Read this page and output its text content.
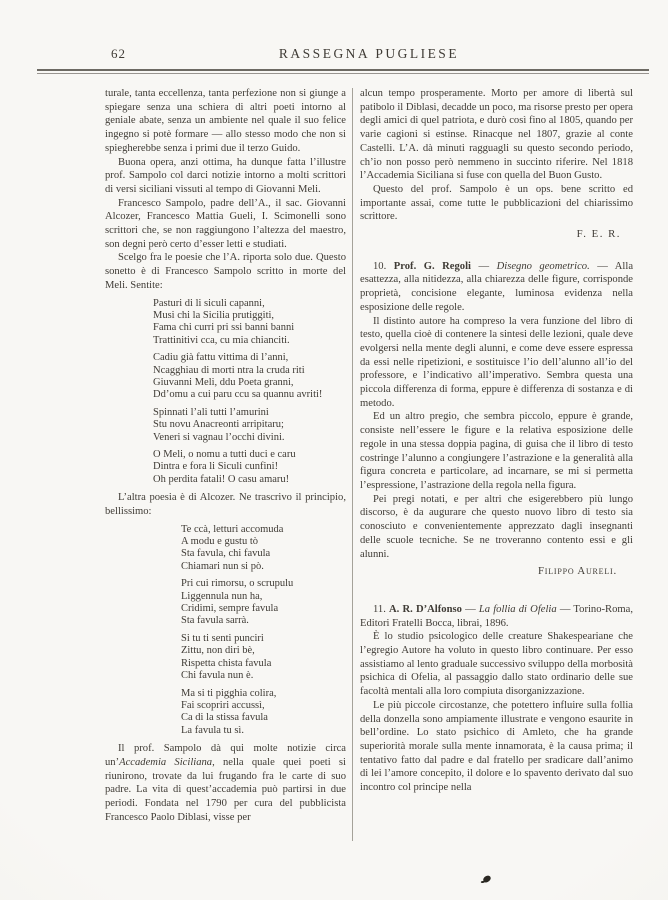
62	RASSEGNA PUGLIESE

turale, tanta eccellenza, tanta perfezione non si giunge a spiegare senza una schiera di altri poeti intorno al geniale abate, senza un ambiente nel quale il suo felice ingegno si potè formare — allo stesso modo che non si spiegherebbe senza i primi due il terzo Guido.

Buona opera, anzi ottima, ha dunque fatta l’illustre prof. Sampolo col darci notizie intorno a molti scrittori di versi siciliani vissuti al tempo di Giovanni Meli.

Francesco Sampolo, padre dell’A., il sac. Giovanni Alcozer, Francesco Mattia Gueli, I. Scimonelli sono scrittori che, se non raggiungono l’altezza del maestro, son degni però certo d’esser letti e studiati.

Scelgo fra le poesie che l’A. riporta solo due. Questo sonetto è di Francesco Sampolo scritto in morte del Meli. Sentite:

Pasturi di li siculi capanni,
Musi chi la Sicilia prutiggiti,
Fama chi curri pri ssi banni banni
Trattinitivi cca, cu mia chianciti.
Cadiu già fattu vittima di l’anni,
Ncagghiau di morti ntra la cruda riti
Giuvanni Meli, ddu Poeta granni,
Dd’omu a cui paru ccu sa quannu avriti!
Spinnati l’ali tutti l’amurini
Stu novu Anacreonti arripitaru;
Veneri si vagnau l’occhi divini.
O Meli, o nomu a tutti duci e caru
Dintra e fora li Siculi cunfini!
Oh perdita fatali! O casu amaru!

L’altra poesia è di Alcozer. Ne trascrivo il principio, bellissimo:

Te ccà, letturi accomuda
A modu e gustu tò
Sta favula, chi favula
Chiamari nun si pò.
Pri cui rimorsu, o scrupulu
Liggennula nun ha,
Cridimi, sempre favula
Sta favula sarrà.
Si tu ti senti punciri
Zittu, non diri bè,
Rispetta chista favula
Chi favula nun è.
Ma si ti pigghia colira,
Fai scopriri accussì,
Ca di la stissa favula
La favula tu sì.

Il prof. Sampolo dà qui molte notizie circa un’Accademia Siciliana, nella quale quei poeti si riunirono, trovate da lui frugando fra le carte di suo padre. La vita di quest’accademia può partirsi in due periodi. Fondata nel 1790 per cura del pubblicista Francesco Paolo Diblasi, visse per

alcun tempo prosperamente. Morto per amore di libertà sul patibolo il Diblasi, decadde un poco, ma risorse presto per opera degli amici di quel patriota, e durò così fino al 1805, quando per varie cagioni si estinse. Rinacque nel 1807, grazie al conte Castelli. L’A. dà minuti ragguagli su questo secondo periodo, ch’io non posso però nemmeno in succinto riferire. Nel 1818 l’Accademia Siciliana si fuse con quella del Buon Gusto.

Questo del prof. Sampolo è un ops. bene scritto ed importante assai, come tutte le pubblicazioni del chiarissimo scrittore.

F. E. R.

10. Prof. G. Regoli — Disegno geometrico. — Alla esattezza, alla nitidezza, alla chiarezza delle figure, corrisponde proprietà, concisione elegante, luminosa evidenza nella esposizione delle regole.

Il distinto autore ha compreso la vera funzione del libro di testo, quella cioè di contenere la sintesi delle lezioni, quale deve evolgersi nella mente degli alunni, e come deve essere espressa da essi nelle ripetizioni, e sostituisce l’io dell’alunno all’io del professore, e l’indicativo all’imperativo. Sembra questa una piccola differenza di forma, eppure è differenza di sostanza e di metodo.

Ed un altro pregio, che sembra piccolo, eppure è grande, consiste nell’essere le figure e la relativa esposizione delle regole in una stessa doppia pagina, di guisa che il libro di testo costringe l’alunno a congiungere l’astrazione e la generalità alla figura concreta e particolare, ad incarnare, se mi si permetta l’espressione, l’astrazione della regola nella figura.

Pei pregi notati, e per altri che esigerebbero più lungo discorso, è da augurare che questo nuovo libro di testo sia conosciuto e convenientemente apprezzato dagli insegnanti delle scuole tecniche. Se ne troveranno contento essi e gli alunni.

Filippo Aureli.

11. A. R. D’Alfonso — La follia di Ofelia — Torino-Roma, Editori Fratelli Bocca, librai, 1896.

È lo studio psicologico delle creature Shakespeariane che l’egregio Autore ha voluto in questo libro continuare. Per esso assistiamo al lento graduale successivo sviluppo della morbosità psichica di Ofelia, al passaggio dallo stato ordinario delle sue facoltà mentali alla loro compiuta disorganizzazione.

Le più piccole circostanze, che potettero influire sulla follia della donzella sono ampiamente illustrate e vengono esaurite in bell’ordine. Lo stato psichico di Amleto, che ha grande superiorità morale sulla mente innamorata, è la causa prima; il tentativo fatto dal padre e dal fratello per sradicare dall’animo di lei l’amore concepito, il dolore e lo spavento derivato dal suo incontro col principe nella
